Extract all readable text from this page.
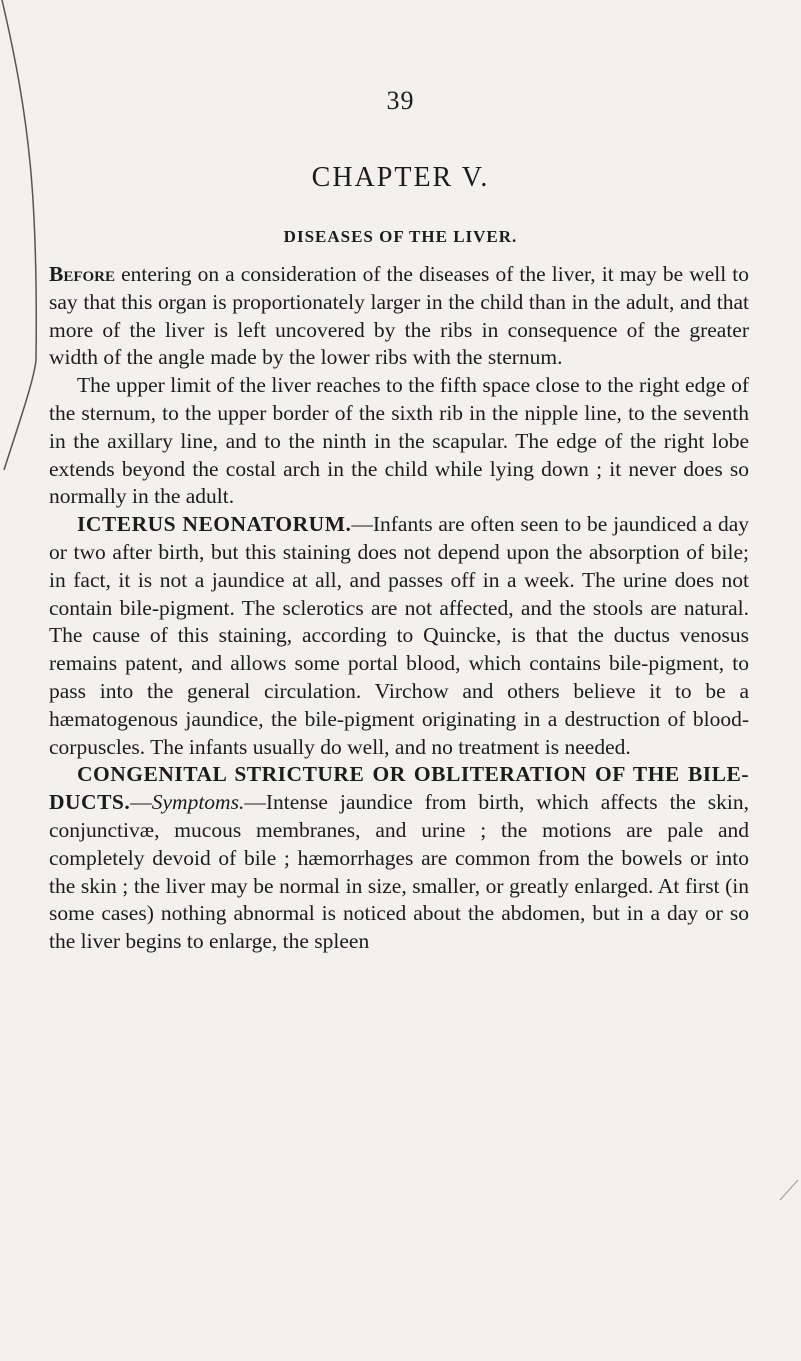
39
CHAPTER V.
DISEASES OF THE LIVER.

Before entering on a consideration of the diseases of the liver, it may be well to say that this organ is proportionately larger in the child than in the adult, and that more of the liver is left uncovered by the ribs in consequence of the greater width of the angle made by the lower ribs with the sternum.

The upper limit of the liver reaches to the fifth space close to the right edge of the sternum, to the upper border of the sixth rib in the nipple line, to the seventh in the axillary line, and to the ninth in the scapular. The edge of the right lobe extends beyond the costal arch in the child while lying down ; it never does so normally in the adult.

ICTERUS NEONATORUM.—Infants are often seen to be jaundiced a day or two after birth, but this staining does not depend upon the absorption of bile; in fact, it is not a jaundice at all, and passes off in a week. The urine does not contain bile-pigment. The sclerotics are not affected, and the stools are natural. The cause of this staining, according to Quincke, is that the ductus venosus remains patent, and allows some portal blood, which contains bile-pigment, to pass into the general circulation. Virchow and others believe it to be a hæmatogenous jaundice, the bile-pigment originating in a destruction of blood-corpuscles. The infants usually do well, and no treatment is needed.

CONGENITAL STRICTURE OR OBLITERATION OF THE BILE-DUCTS.—Symptoms.—Intense jaundice from birth, which affects the skin, conjunctivæ, mucous membranes, and urine ; the motions are pale and completely devoid of bile ; hæmorrhages are common from the bowels or into the skin ; the liver may be normal in size, smaller, or greatly enlarged. At first (in some cases) nothing abnormal is noticed about the abdomen, but in a day or so the liver begins to enlarge, the spleen
